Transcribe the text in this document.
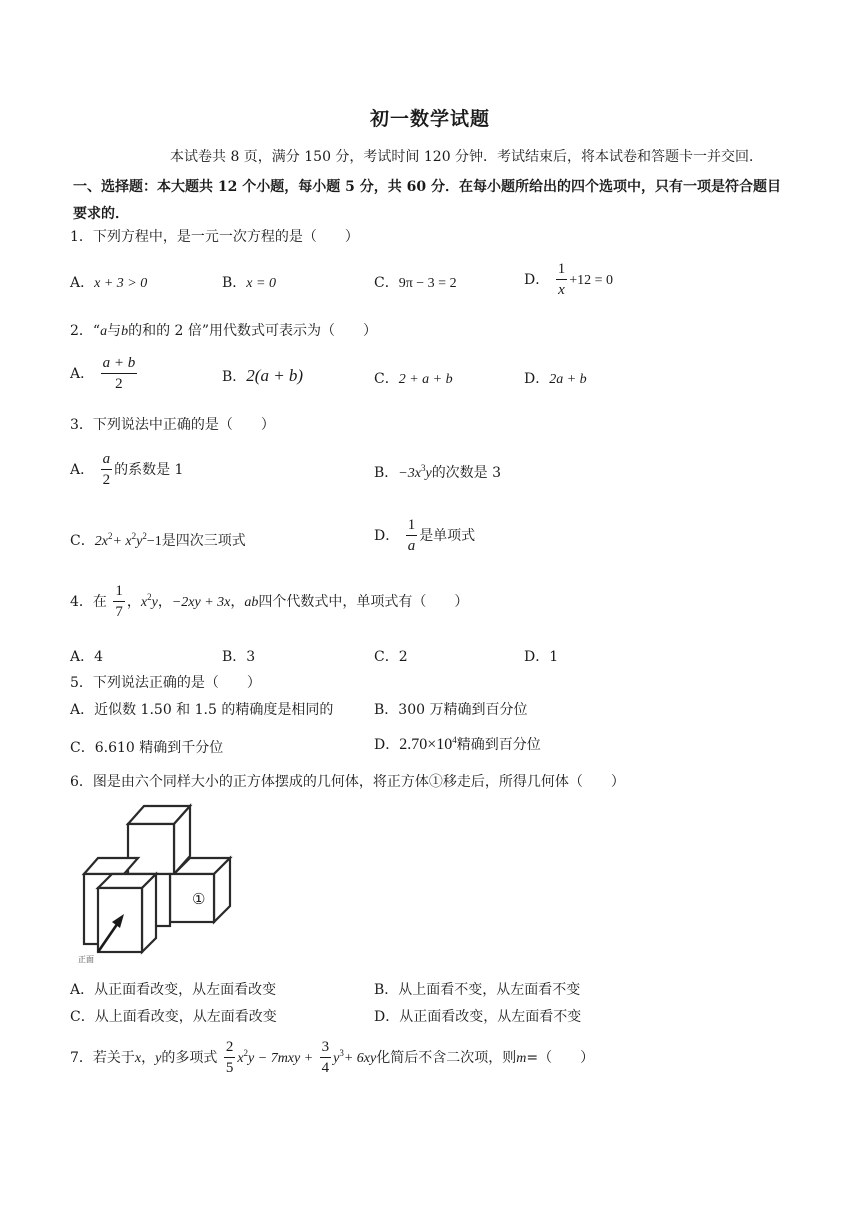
初一数学试题
本试卷共 8 页，满分 150 分，考试时间 120 分钟．考试结束后，将本试卷和答题卡一并交回．
一、选择题：本大题共 12 个小题，每小题 5 分，共 60 分．在每小题所给出的四个选项中，只有一项是符合题目要求的．
1．下列方程中，是一元一次方程的是（　　）
A．x + 3 > 0	B．x = 0	C．9π − 3 = 2	D． $\frac{1}{x} +12 = 0$
2．“a与b的和的 2 倍”用代数式可表示为（　　）
A． $\frac{a + b}{2}$	B．2(a + b)	C．2 + a + b	D．2a + b
3．下列说法中正确的是（　　）
A． $\frac{a}{2}$ 的系数是 1	B．$-3x^3y$的次数是 3
C．$2x^2+ x^2y^2-1$是四次三项式	D． $\frac{1}{a}$ 是单项式
4．在 $\frac{1}{7}$ ，$x^2y$，−2xy + 3x，ab四个代数式中，单项式有（　　）
A．4	B．3	C．2	D．1
5．下列说法正确的是（　　）
A．近似数 1.50 和 1.5 的精确度是相同的	B．300 万精确到百分位
C．6.610 精确到千分位	D．$2.70\times 10^4$精确到百分位
6．图是由六个同样大小的正方体摆成的几何体，将正方体①移走后，所得几何体（　　）
①
正面
A．从正面看改变，从左面看改变	B．从上面看不变，从左面看不变
C．从上面看改变，从左面看改变	D．从正面看改变，从左面看不变
7．若关于x，y的多项式 $\frac{2}{5} x^2y - 7mxy + \frac{3}{4} y^3+ 6xy$化简后不含二次项，则m=（　　）
